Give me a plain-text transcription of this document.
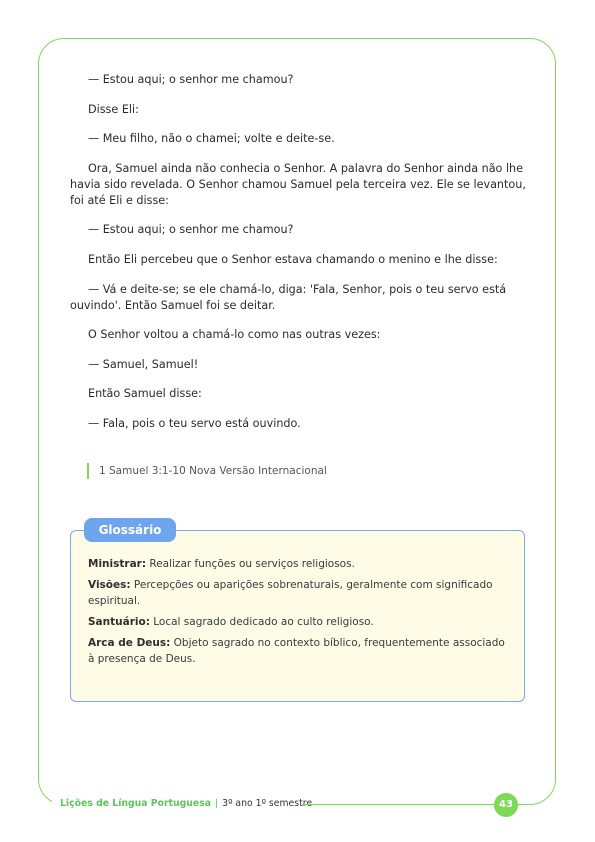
— Estou aqui; o senhor me chamou?

Disse Eli:

— Meu filho, não o chamei; volte e deite-se.

Ora, Samuel ainda não conhecia o Senhor. A palavra do Senhor ainda não lhe havia sido revelada. O Senhor chamou Samuel pela terceira vez. Ele se levantou, foi até Eli e disse:

— Estou aqui; o senhor me chamou?

Então Eli percebeu que o Senhor estava chamando o menino e lhe disse:

— Vá e deite-se; se ele chamá-lo, diga: 'Fala, Senhor, pois o teu servo está ouvindo'. Então Samuel foi se deitar.

O Senhor voltou a chamá-lo como nas outras vezes:

— Samuel, Samuel!

Então Samuel disse:

— Fala, pois o teu servo está ouvindo.

1 Samuel 3:1-10 Nova Versão Internacional
Glossário
Ministrar: Realizar funções ou serviços religiosos.
Visões: Percepções ou aparições sobrenaturais, geralmente com significado espiritual.
Santuário: Local sagrado dedicado ao culto religioso.
Arca de Deus: Objeto sagrado no contexto bíblico, frequentemente associado à presença de Deus.
Lições de Língua Portuguesa | 3º ano 1º semestre	43
